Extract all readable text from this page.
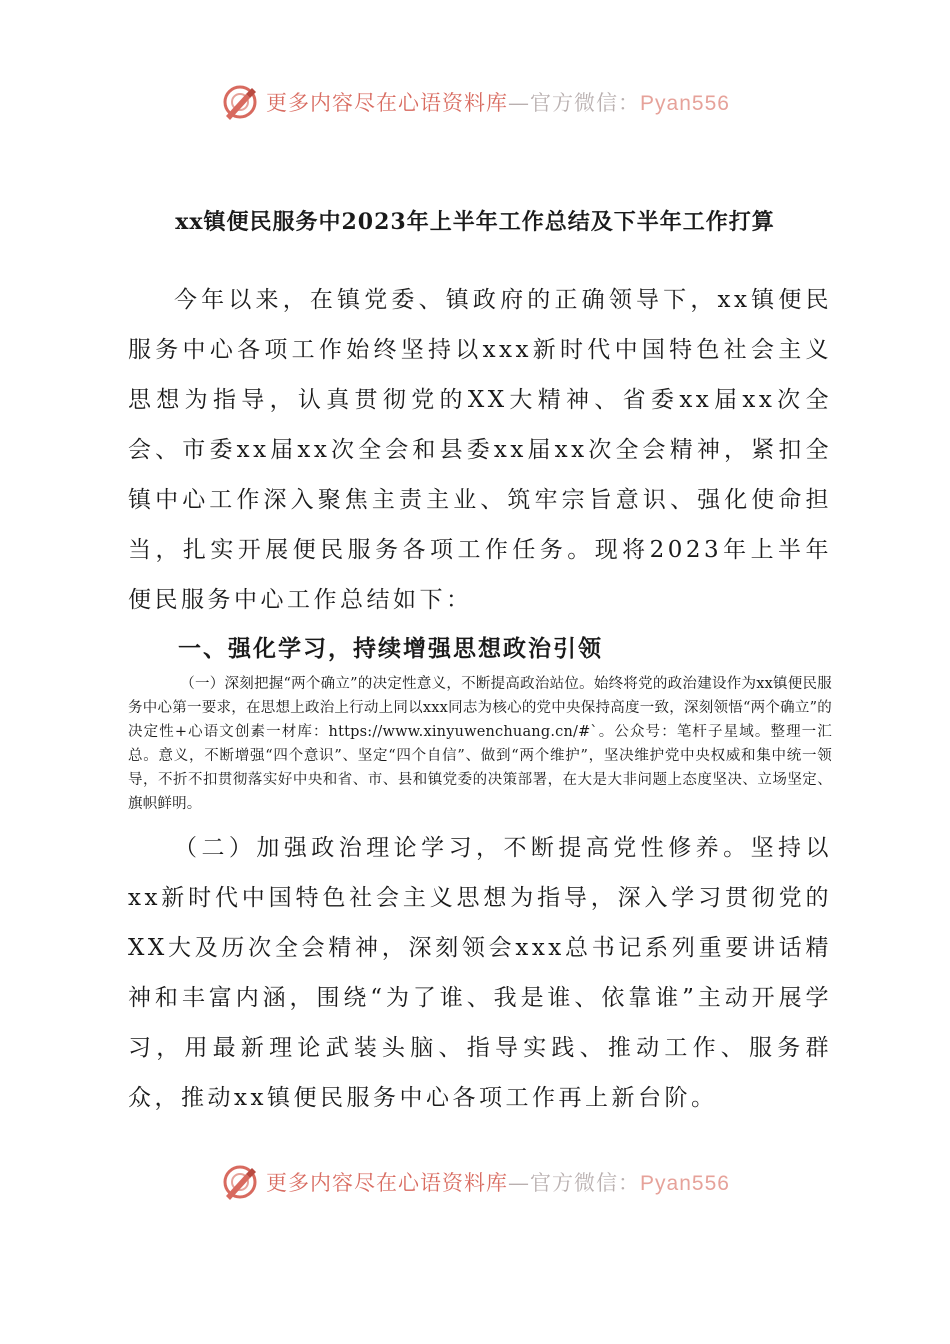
更多内容尽在心语资料库—官方微信：Pyan556
xx镇便民服务中2023年上半年工作总结及下半年工作打算
今年以来，在镇党委、镇政府的正确领导下，xx镇便民服务中心各项工作始终坚持以xxx新时代中国特色社会主义思想为指导，认真贯彻党的XX大精神、省委xx届xx次全会、市委xx届xx次全会和县委xx届xx次全会精神，紧扣全镇中心工作深入聚焦主责主业、筑牢宗旨意识、强化使命担当，扎实开展便民服务各项工作任务。现将2023年上半年便民服务中心工作总结如下：
一、强化学习，持续增强思想政治引领
（一）深刻把握“两个确立”的决定性意义，不断提高政治站位。始终将党的政治建设作为xx镇便民服务中心第一要求，在思想上政治上行动上同以xxx同志为核心的党中央保持高度一致，深刻领悟“两个确立”的决定性+心语文创素一材库：https://www.xinyuwenchuang.cn/#`。公众号：笔杆子星域。整理一汇总。意义，不断增强“四个意识”、坚定“四个自信”、做到“两个维护”，坚决维护党中央权威和集中统一领导，不折不扣贯彻落实好中央和省、市、县和镇党委的决策部署，在大是大非问题上态度坚决、立场坚定、旗帜鲜明。
（二）加强政治理论学习，不断提高党性修养。坚持以xx新时代中国特色社会主义思想为指导，深入学习贯彻党的XX大及历次全会精神，深刻领会xxx总书记系列重要讲话精神和丰富内涵，围绕“为了谁、我是谁、依靠谁”主动开展学习，用最新理论武装头脑、指导实践、推动工作、服务群众，推动xx镇便民服务中心各项工作再上新台阶。
更多内容尽在心语资料库—官方微信：Pyan556
